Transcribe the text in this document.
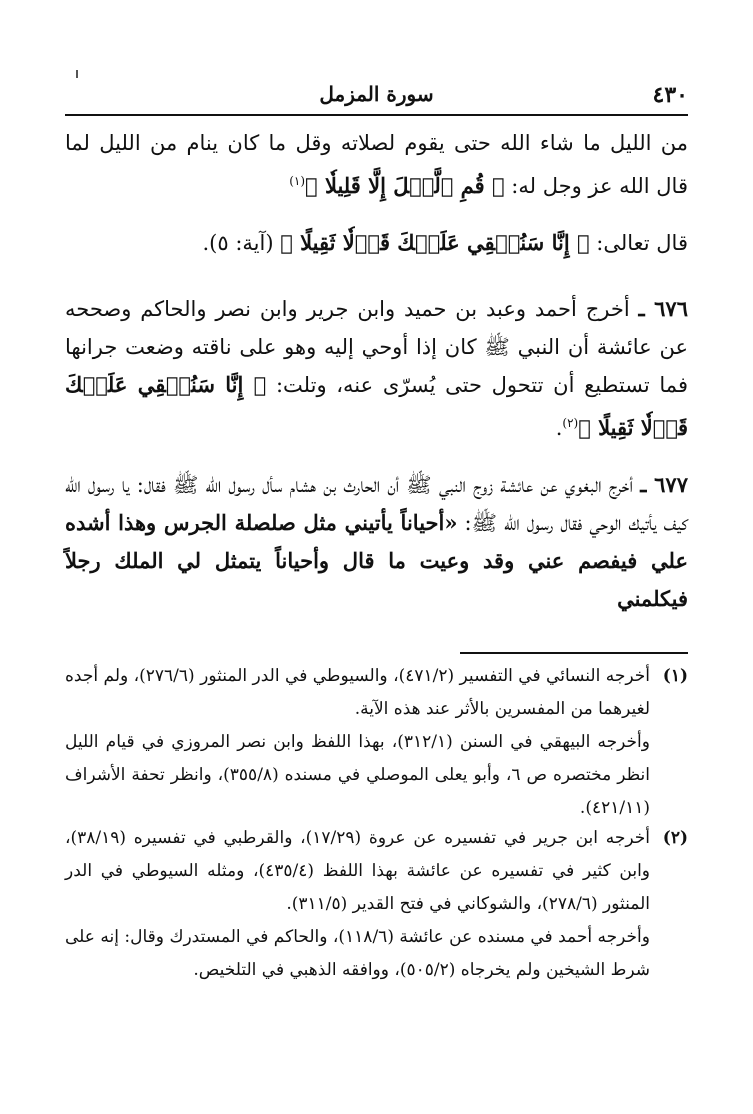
٤٣٠
سورة المزمل

من الليل ما شاء الله حتى يقوم لصلاته وقل ما كان ينام من الليل لما قال الله عز وجل له: ﴿ قُمِ ٱلَّيۡلَ إِلَّا قَلِيلٗا ﴾$^{(١)}$

قال تعالى: ﴿ إِنَّا سَنُلۡقِي عَلَيۡكَ قَوۡلٗا ثَقِيلًا ﴾ (آية: ٥).

٦٧٦ ـ أخرج أحمد وعبد بن حميد وابن جرير وابن نصر والحاكم وصححه عن عائشة أن النبي ﷺ كان إذا أوحي إليه وهو على ناقته وضعت جرانها فما تستطيع أن تتحول حتى يُسرّى عنه، وتلت: ﴿ إِنَّا سَنُلۡقِي عَلَيۡكَ قَوۡلٗا ثَقِيلًا ﴾$^{(٢)}$.

٦٧٧ ـ أخرج البغوي عن عائشة زوج النبي ﷺ أن الحارث بن هشام سأل رسول الله ﷺ فقال: يا رسول الله كيف يأتيك الوحي فقال رسول الله ﷺ: «أحياناً يأتيني مثل صلصلة الجرس وهذا أشده علي فيفصم عني وقد وعيت ما قال وأحياناً يتمثل لي الملك رجلاً فيكلمني

(١)

أخرجه النسائي في التفسير (٤٧١/٢)، والسيوطي في الدر المنثور (٢٧٦/٦)، ولم أجده لغيرهما من المفسرين بالأثر عند هذه الآية.

وأخرجه البيهقي في السنن (٣١٢/١)، بهذا اللفظ وابن نصر المروزي في قيام الليل انظر مختصره ص ٦، وأبو يعلى الموصلي في مسنده (٣٥٥/٨)، وانظر تحفة الأشراف (٤٢١/١١).

(٢)

أخرجه ابن جرير في تفسيره عن عروة (١٧/٢٩)، والقرطبي في تفسيره (٣٨/١٩)، وابن كثير في تفسيره عن عائشة بهذا اللفظ (٤٣٥/٤)، ومثله السيوطي في الدر المنثور (٢٧٨/٦)، والشوكاني في فتح القدير (٣١١/٥).

وأخرجه أحمد في مسنده عن عائشة (١١٨/٦)، والحاكم في المستدرك وقال: إنه على شرط الشيخين ولم يخرجاه (٥٠٥/٢)، ووافقه الذهبي في التلخيص.
